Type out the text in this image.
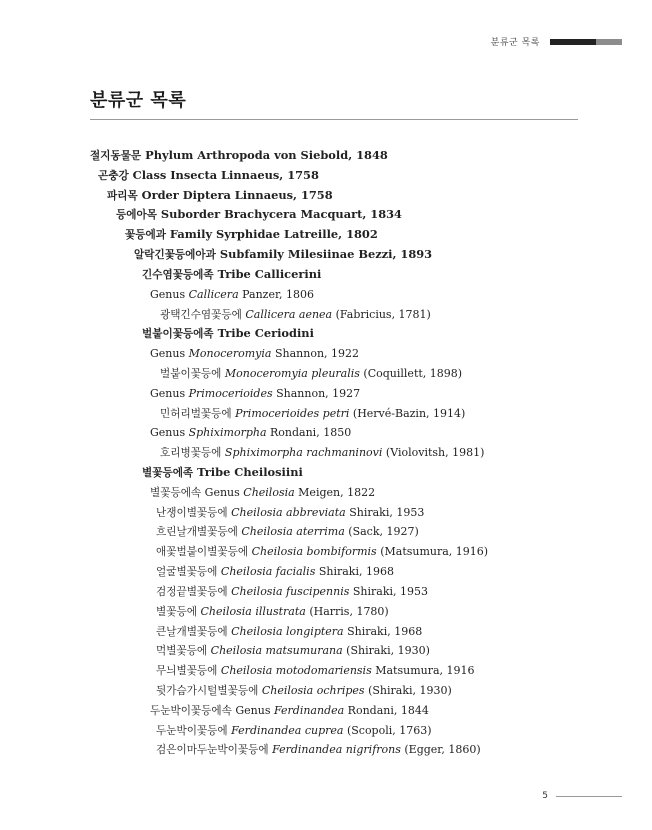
분류군 목록
분류군 목록
절지동물문 Phylum Arthropoda von Siebold, 1848
곤충강 Class Insecta Linnaeus, 1758
파리목 Order Diptera Linnaeus, 1758
등에아목 Suborder Brachycera Macquart, 1834
꽃등에과 Family Syrphidae Latreille, 1802
알락긴꽃등에아과 Subfamily Milesiinae Bezzi, 1893
긴수염꽃등에족 Tribe Callicerini
Genus Callicera Panzer, 1806
광택긴수염꽃등에 Callicera aenea (Fabricius, 1781)
벌붙이꽃등에족 Tribe Ceriodini
Genus Monoceromyia Shannon, 1922
벌붙이꽃등에 Monoceromyia pleuralis (Coquillett, 1898)
Genus Primocerioides Shannon, 1927
민허리벌꽃등에 Primocerioides petri (Hervé-Bazin, 1914)
Genus Sphiximorpha Rondani, 1850
호리병꽃등에 Sphiximorpha rachmaninovi (Violovitsh, 1981)
별꽃등에족 Tribe Cheilosiini
별꽃등에속 Genus Cheilosia Meigen, 1822
난쟁이별꽃등에 Cheilosia abbreviata Shiraki, 1953
흐린날개별꽃등에 Cheilosia aterrima (Sack, 1927)
애꽃벌붙이별꽃등에 Cheilosia bombiformis (Matsumura, 1916)
얼굴별꽃등에 Cheilosia facialis Shiraki, 1968
검정끝별꽃등에 Cheilosia fuscipennis Shiraki, 1953
별꽃등에 Cheilosia illustrata (Harris, 1780)
큰날개별꽃등에 Cheilosia longiptera Shiraki, 1968
먹별꽃등에 Cheilosia matsumurana (Shiraki, 1930)
무늬별꽃등에 Cheilosia motodomariensis Matsumura, 1916
뒷가슴가시털별꽃등에 Cheilosia ochripes (Shiraki, 1930)
두눈박이꽃등에속 Genus Ferdinandea Rondani, 1844
두눈박이꽃등에 Ferdinandea cuprea (Scopoli, 1763)
검은이마두눈박이꽃등에 Ferdinandea nigrifrons (Egger, 1860)
5
